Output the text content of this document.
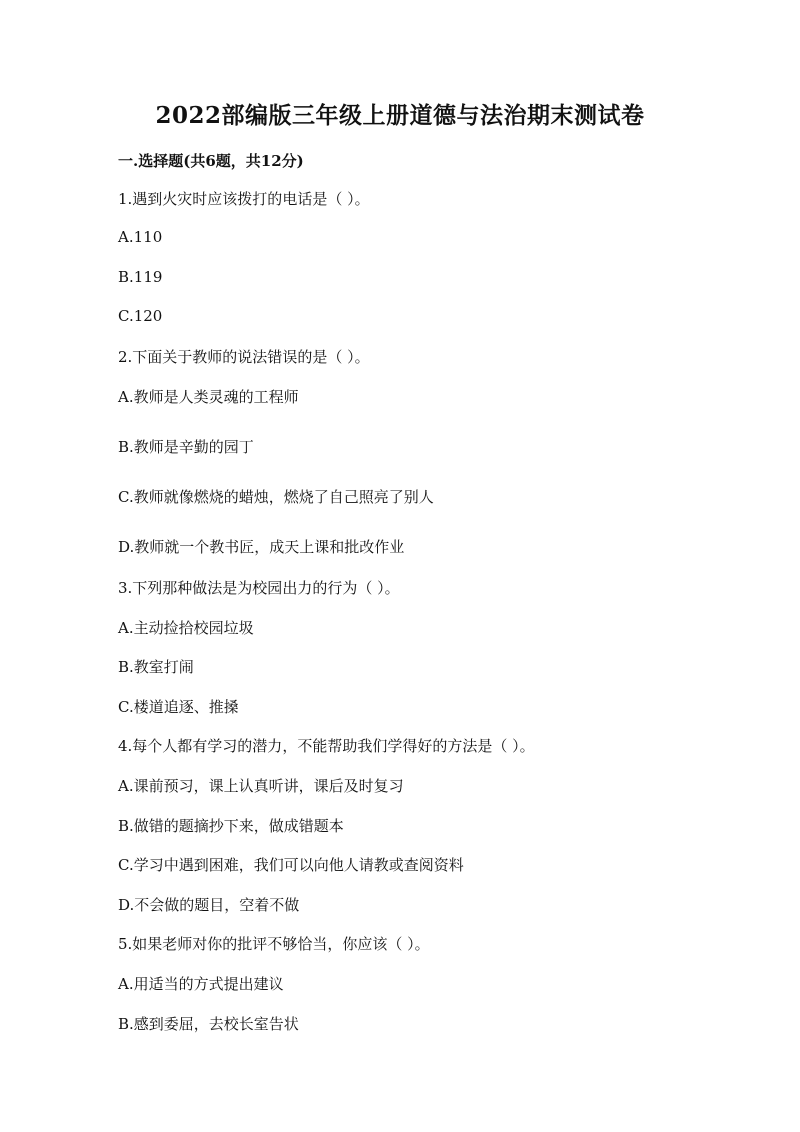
2022部编版三年级上册道德与法治期末测试卷
一.选择题(共6题，共12分)
1.遇到火灾时应该拨打的电话是（ ）。
A.110
B.119
C.120
2.下面关于教师的说法错误的是（ ）。
A.教师是人类灵魂的工程师
B.教师是辛勤的园丁
C.教师就像燃烧的蜡烛，燃烧了自己照亮了别人
D.教师就一个教书匠，成天上课和批改作业
3.下列那种做法是为校园出力的行为（ ）。
A.主动捡拾校园垃圾
B.教室打闹
C.楼道追逐、推搡
4.每个人都有学习的潜力，不能帮助我们学得好的方法是（ ）。
A.课前预习，课上认真听讲，课后及时复习
B.做错的题摘抄下来，做成错题本
C.学习中遇到困难，我们可以向他人请教或查阅资料
D.不会做的题目，空着不做
5.如果老师对你的批评不够恰当，你应该（ ）。
A.用适当的方式提出建议
B.感到委屈，去校长室告状
